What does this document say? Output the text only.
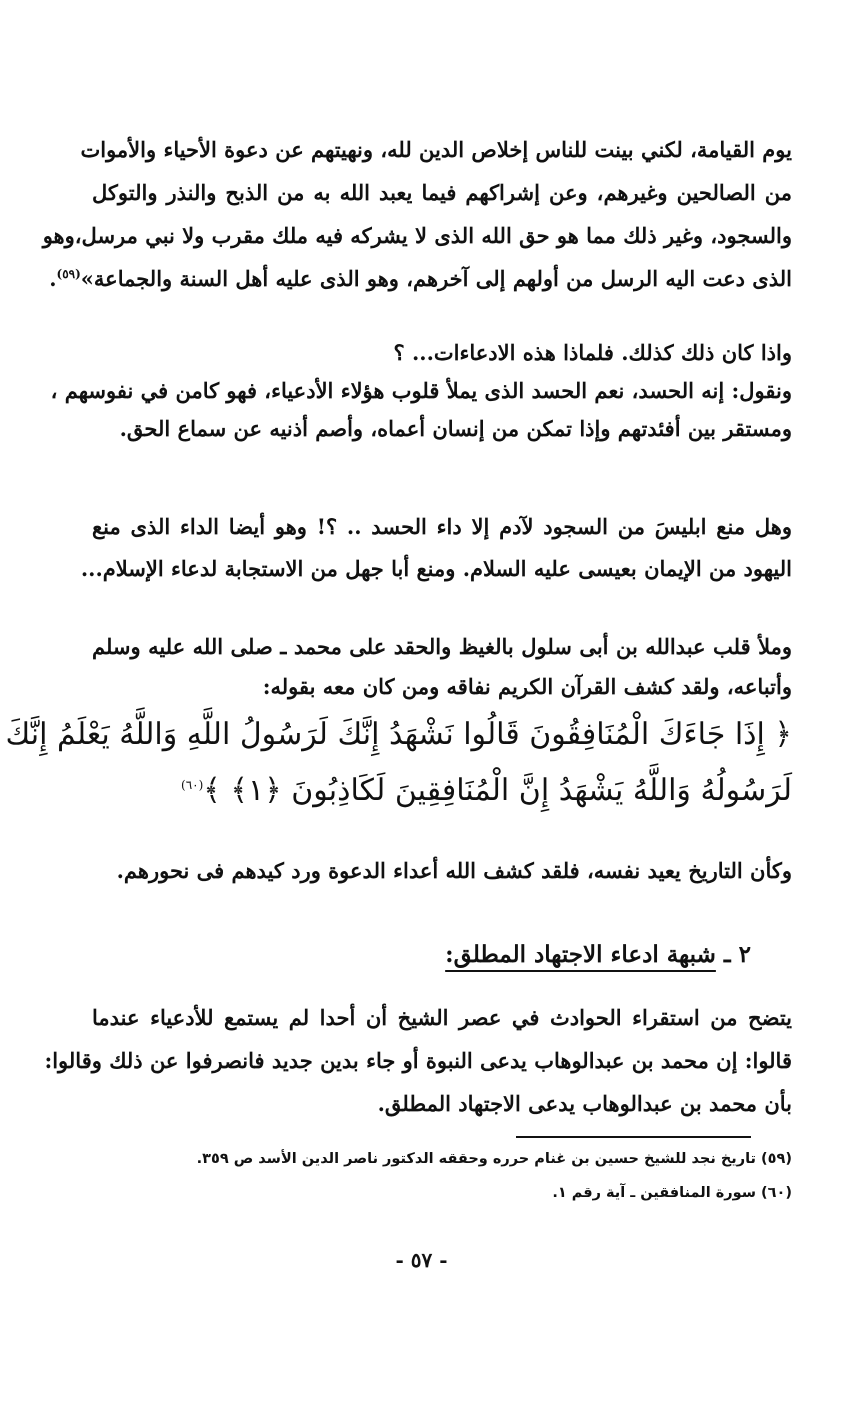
يوم القيامة، لكني بينت للناس إخلاص الدين لله، ونهيتهم عن دعوة الأحياء والأموات
من الصالحين وغيرهم، وعن إشراكهم فيما يعبد الله به من الذبح والنذر والتوكل
والسجود، وغير ذلك مما هو حق الله الذى لا يشركه فيه ملك مقرب ولا نبي مرسل،وهو
الذى دعت اليه الرسل من أولهم إلى آخرهم، وهو الذى عليه أهل السنة والجماعة»$^{(٥٩)}$.
واذا كان ذلك كذلك. فلماذا هذه الادعاءات... ؟
ونقول: إنه الحسد، نعم الحسد الذى يملأ قلوب هؤلاء الأدعياء، فهو كامن في نفوسهم ،
ومستقر بين أفئدتهم وإذا تمكن من إنسان أعماه، وأصم أذنيه عن سماع الحق.
وهل منع ابليسَ من السجود لآدم إلا داء الحسد .. ؟! وهو أيضا الداء الذى منع
اليهود من الإيمان بعيسى عليه السلام. ومنع أبا جهل من الاستجابة لدعاء الإسلام...
وملأ قلب عبدالله بن أبى سلول بالغيظ والحقد على محمد ـ صلى الله عليه وسلم
وأتباعه، ولقد كشف القرآن الكريم نفاقه ومن كان معه بقوله:
﴿ إِذَا جَاءَكَ الْمُنَافِقُونَ قَالُوا نَشْهَدُ إِنَّكَ لَرَسُولُ اللَّهِ وَاللَّهُ يَعْلَمُ إِنَّكَ
لَرَسُولُهُ وَاللَّهُ يَشْهَدُ إِنَّ الْمُنَافِقِينَ لَكَاذِبُونَ ﴿١﴾ ﴾$^{(٦٠)}$
وكأن التاريخ يعيد نفسه، فلقد كشف الله أعداء الدعوة ورد كيدهم فى نحورهم.
٢ ـ شبهة ادعاء الاجتهاد المطلق:
يتضح من استقراء الحوادث في عصر الشيخ أن أحدا لم يستمع للأدعياء عندما
قالوا: إن محمد بن عبدالوهاب يدعى النبوة أو جاء بدين جديد فانصرفوا عن ذلك وقالوا:
بأن محمد بن عبدالوهاب يدعى الاجتهاد المطلق.
(٥٩) تاريخ نجد للشيخ حسين بن غنام حرره وحققه الدكتور ناصر الدين الأسد ص ٣٥٩.
(٦٠) سورة المنافقين ـ آية رقم ١.
- ٥٧ -
